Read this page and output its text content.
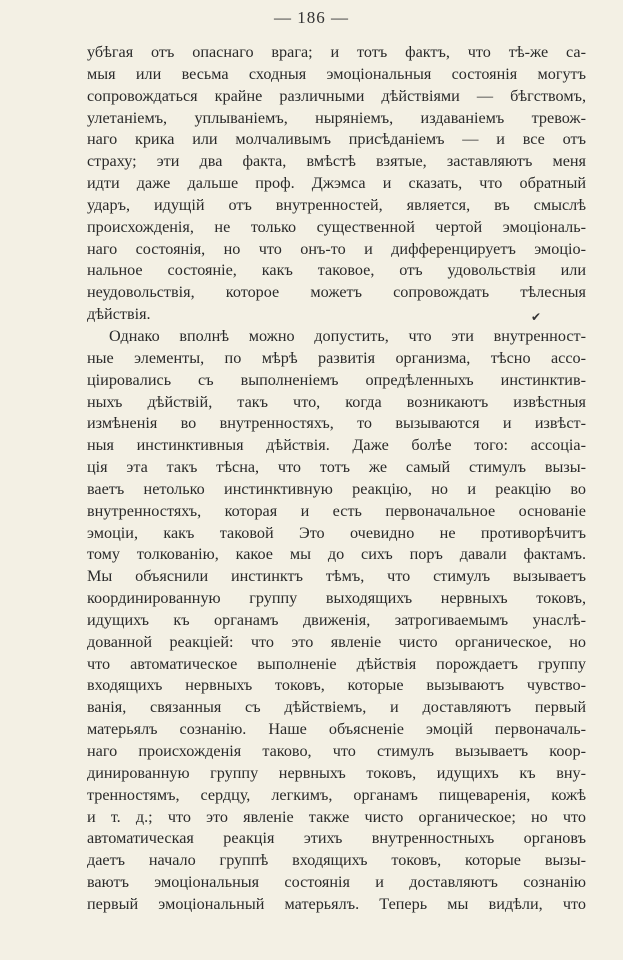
— 186 —
убѣгая отъ опаснаго врага; и тотъ фактъ, что тѣ-же са-
мыя или весьма сходныя эмоціональныя состоянія могутъ
сопровождаться крайне различными дѣйствіями — бѣгствомъ,
улетаніемъ, уплываніемъ, нырянiемъ, издаваніемъ тревож-
наго крика или молчаливымъ присѣданіемъ — и все отъ
страху; эти два факта, вмѣстѣ взятые, заставляютъ меня
идти даже дальше проф. Джэмса и сказать, что обратный
ударъ, идущій отъ внутренностей, является, въ смыслѣ
происхожденія, не только существенной чертой эмоціональ-
наго состоянія, но что онъ-то и дифференцируетъ эмоціо-
нальное состояніе, какъ таковое, отъ удовольствія или
неудовольствія, которое можетъ сопровождать тѣлесныя
дѣйствія.
Однако вполнѣ можно допустить, что эти внутренност-
ные элементы, по мѣрѣ развитія организма, тѣсно ассо-
ціировались съ выполненіемъ опредѣленныхъ инстинктив-
ныхъ дѣйствій, такъ что, когда возникаютъ извѣстныя
измѣненія во внутренностяхъ, то вызываются и извѣст-
ныя инстинктивныя дѣйствія. Даже болѣе того: ассоціа-
ція эта такъ тѣсна, что тотъ же самый стимулъ вызы-
ваетъ нетолько инстинктивную реакцію, но и реакцію во
внутренностяхъ, которая и есть первоначальное основаніе
эмоціи, какъ таковой Это очевидно не противорѣчитъ
тому толкованію, какое мы до сихъ поръ давали фактамъ.
Мы объяснили инстинктъ тѣмъ, что стимулъ вызываетъ
координированную группу выходящихъ нервныхъ токовъ,
идущихъ къ органамъ движенія, затрогиваемымъ унаслѣ-
дованной реакціей: что это явленіе чисто органическое, но
что автоматическое выполненіе дѣйствія порождаетъ группу
входящихъ нервныхъ токовъ, которые вызываютъ чувство-
ванія, связанныя съ дѣйствіемъ, и доставляютъ первый
матерьялъ сознанію. Наше объясненіе эмоцій первоначаль-
наго происхожденія таково, что стимулъ вызываетъ коор-
динированную группу нервныхъ токовъ, идущихъ къ вну-
тренностямъ, сердцу, легкимъ, органамъ пищеваренія, кожѣ
и т. д.; что это явленіе также чисто органическое; но что
автоматическая реакція этихъ внутренностныхъ органовъ
даетъ начало группѣ входящихъ токовъ, которые вызы-
ваютъ эмоціональныя состоянія и доставляютъ сознанію
первый эмоціональный матерьялъ. Теперь мы видѣли, что
✔
